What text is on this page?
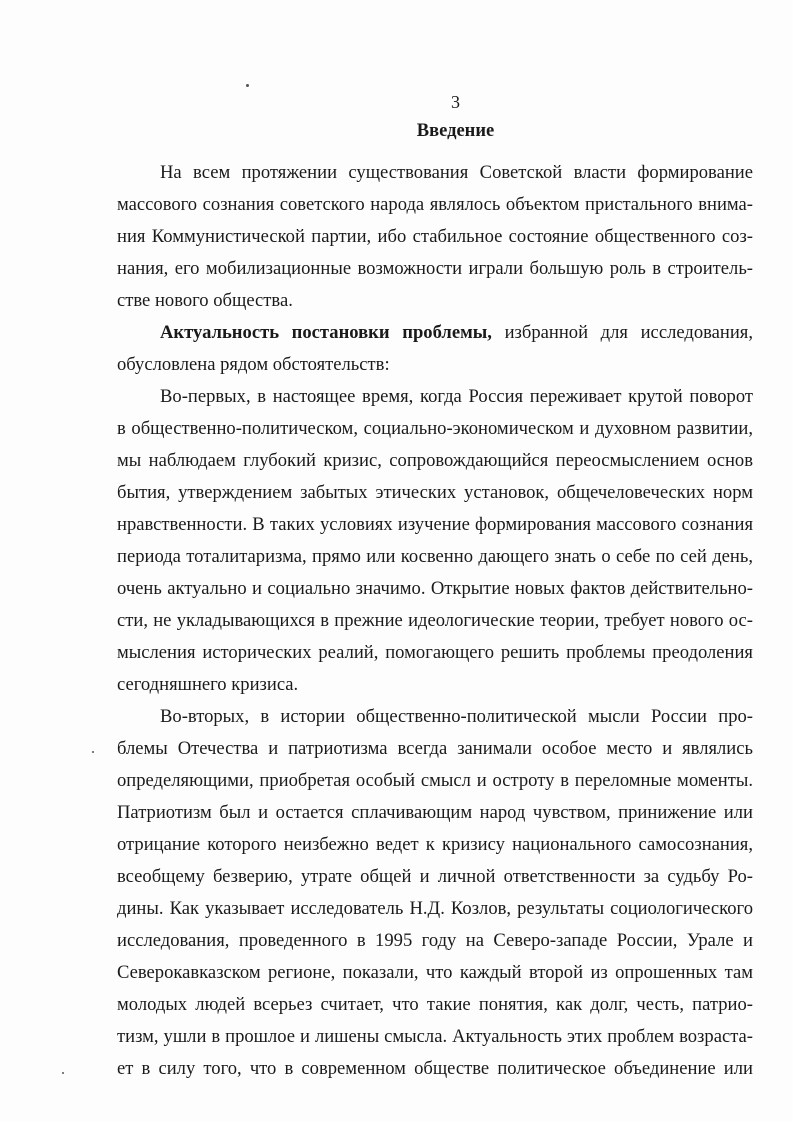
3
Введение
На всем протяжении существования Советской власти формирование
массового сознания советского народа являлось объектом пристального внима-
ния Коммунистической партии, ибо стабильное состояние общественного соз-
нания, его мобилизационные возможности играли большую роль в строитель-
стве нового общества.
Актуальность постановки проблемы, избранной для исследования,
обусловлена рядом обстоятельств:
Во-первых, в настоящее время, когда Россия переживает крутой поворот
в общественно-политическом, социально-экономическом и духовном развитии,
мы наблюдаем глубокий кризис, сопровождающийся переосмыслением основ
бытия, утверждением забытых этических установок, общечеловеческих норм
нравственности. В таких условиях изучение формирования массового сознания
периода тоталитаризма, прямо или косвенно дающего знать о себе по сей день,
очень актуально и социально значимо. Открытие новых фактов действительно-
сти, не укладывающихся в прежние идеологические теории, требует нового ос-
мысления исторических реалий, помогающего решить проблемы преодоления
сегодняшнего кризиса.
Во-вторых, в истории общественно-политической мысли России про-
блемы Отечества и патриотизма всегда занимали особое место и являлись
определяющими, приобретая особый смысл и остроту в переломные моменты.
Патриотизм был и остается сплачивающим народ чувством, принижение или
отрицание которого неизбежно ведет к кризису национального самосознания,
всеобщему безверию, утрате общей и личной ответственности за судьбу Ро-
дины. Как указывает исследователь Н.Д. Козлов, результаты социологического
исследования, проведенного в 1995 году на Северо-западе России, Урале и
Северокавказском регионе, показали, что каждый второй из опрошенных там
молодых людей всерьез считает, что такие понятия, как долг, честь, патрио-
тизм, ушли в прошлое и лишены смысла. Актуальность этих проблем возраста-
ет в силу того, что в современном обществе политическое объединение или
